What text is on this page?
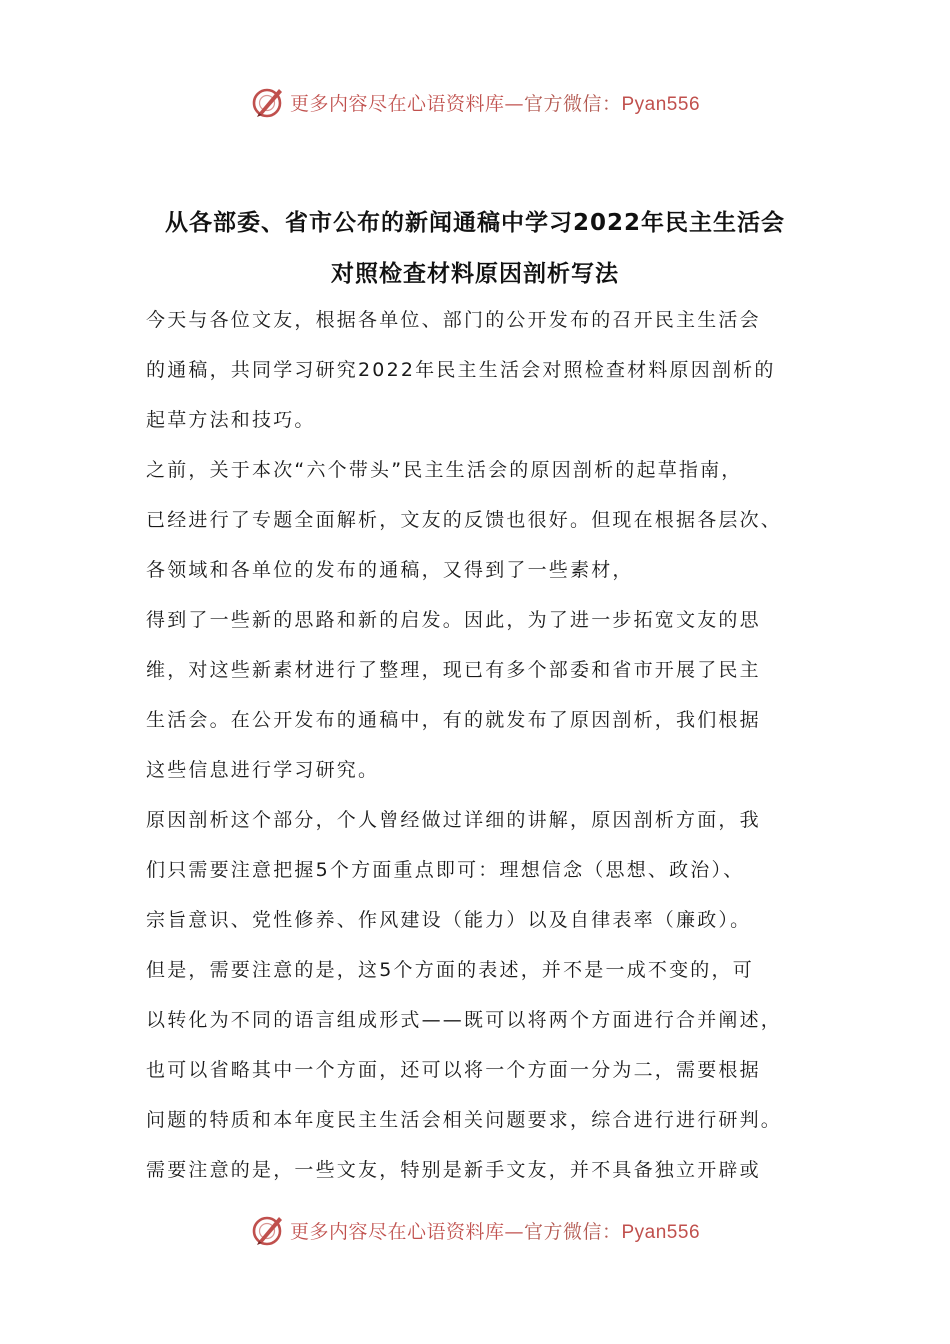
更多内容尽在心语资料库—官方微信：Pyan556
从各部委、省市公布的新闻通稿中学习2022年民主生活会
对照检查材料原因剖析写法
今天与各位文友，根据各单位、部门的公开发布的召开民主生活会
的通稿，共同学习研究2022年民主生活会对照检查材料原因剖析的
起草方法和技巧。
之前，关于本次“六个带头”民主生活会的原因剖析的起草指南，
已经进行了专题全面解析，文友的反馈也很好。但现在根据各层次、
各领域和各单位的发布的通稿，又得到了一些素材，
得到了一些新的思路和新的启发。因此，为了进一步拓宽文友的思
维，对这些新素材进行了整理，现已有多个部委和省市开展了民主
生活会。在公开发布的通稿中，有的就发布了原因剖析，我们根据
这些信息进行学习研究。
原因剖析这个部分，个人曾经做过详细的讲解，原因剖析方面，我
们只需要注意把握5个方面重点即可：理想信念（思想、政治）、
宗旨意识、党性修养、作风建设（能力）以及自律表率（廉政）。
但是，需要注意的是，这5个方面的表述，并不是一成不变的，可
以转化为不同的语言组成形式——既可以将两个方面进行合并阐述，
也可以省略其中一个方面，还可以将一个方面一分为二，需要根据
问题的特质和本年度民主生活会相关问题要求，综合进行进行研判。
需要注意的是，一些文友，特别是新手文友，并不具备独立开辟或
更多内容尽在心语资料库—官方微信：Pyan556
